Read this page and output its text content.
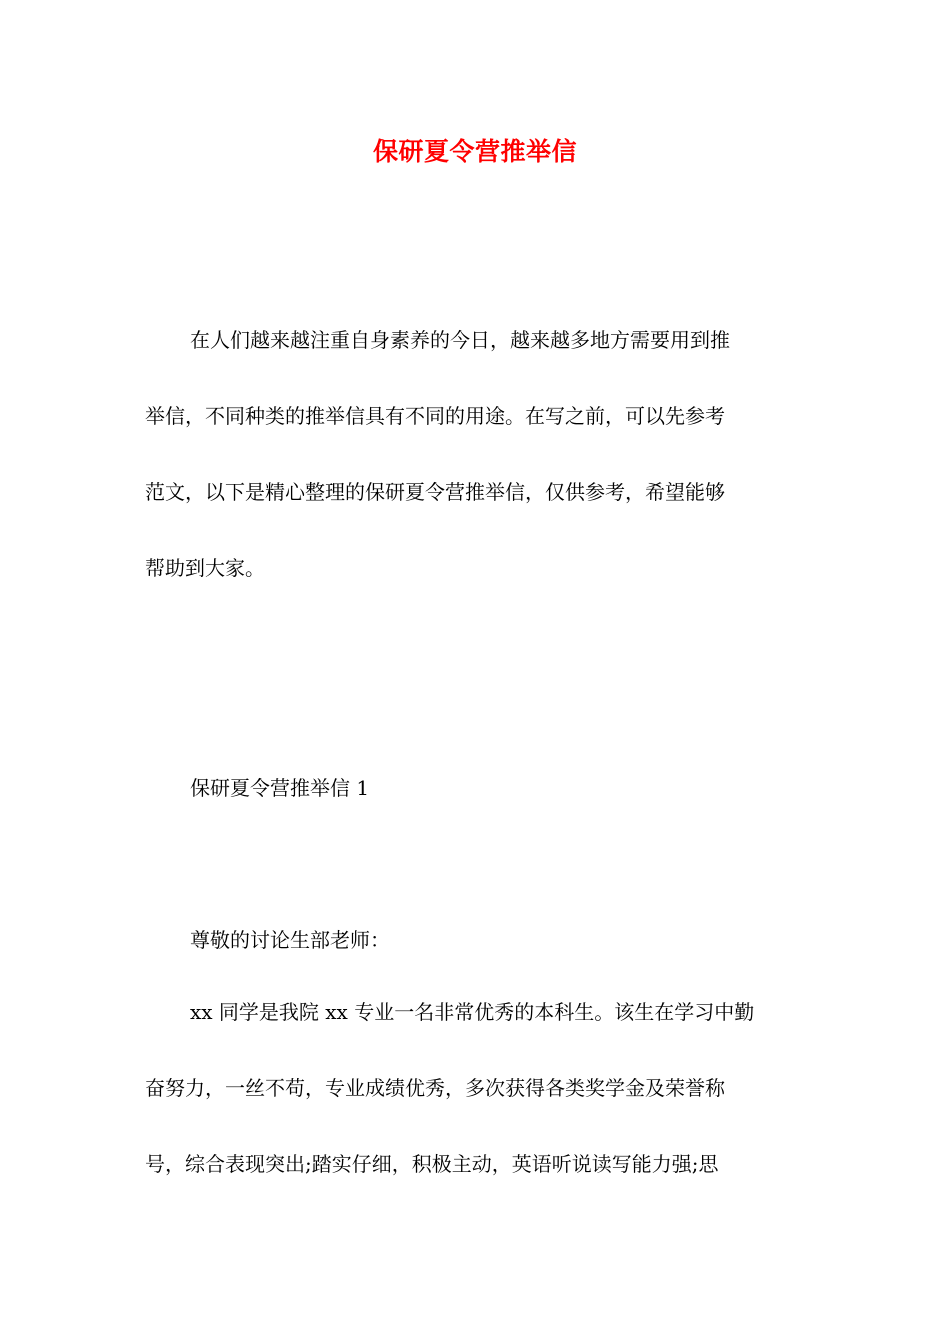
保研夏令营推举信

在人们越来越注重自身素养的今日，越来越多地方需要用到推

举信，不同种类的推举信具有不同的用途。在写之前，可以先参考

范文，以下是精心整理的保研夏令营推举信，仅供参考，希望能够

帮助到大家。

保研夏令营推举信 1

尊敬的讨论生部老师：

xx 同学是我院 xx 专业一名非常优秀的本科生。该生在学习中勤

奋努力，一丝不苟，专业成绩优秀，多次获得各类奖学金及荣誉称

号，综合表现突出;踏实仔细，积极主动，英语听说读写能力强;思
